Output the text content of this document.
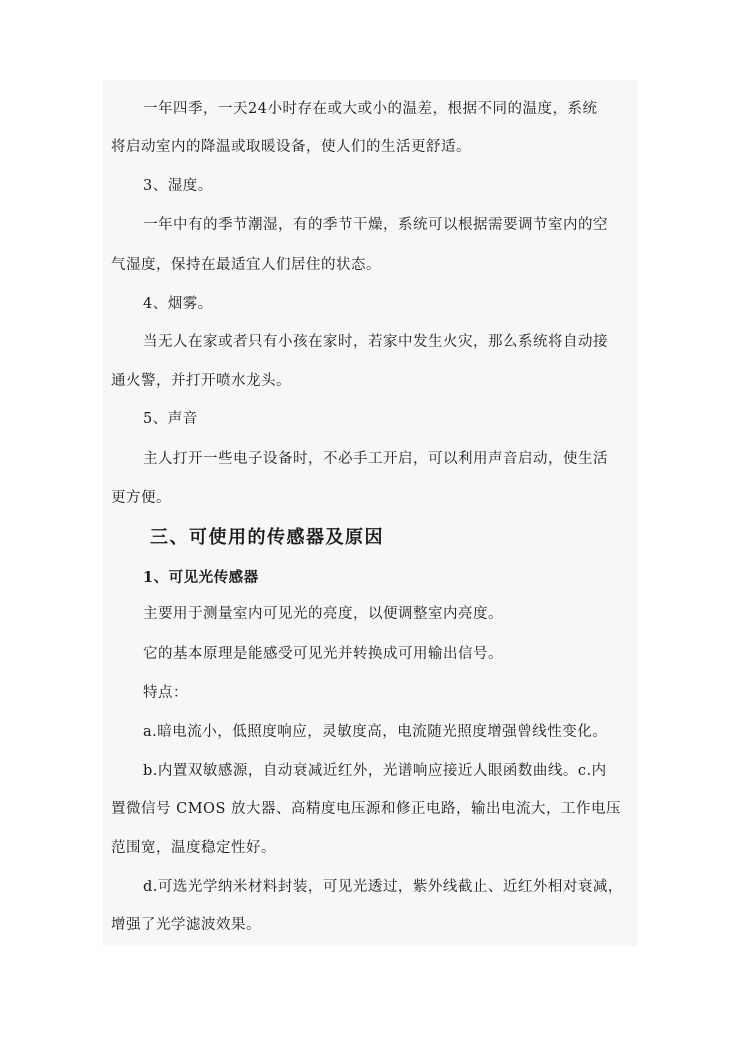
一年四季，一天24小时存在或大或小的温差，根据不同的温度，系统
将启动室内的降温或取暖设备，使人们的生活更舒适。
3、湿度。
一年中有的季节潮湿，有的季节干燥，系统可以根据需要调节室内的空
气湿度，保持在最适宜人们居住的状态。
4、烟雾。
当无人在家或者只有小孩在家时，若家中发生火灾，那么系统将自动接
通火警，并打开喷水龙头。
5、声音
主人打开一些电子设备时，不必手工开启，可以利用声音启动，使生活
更方便。
三、可使用的传感器及原因
1、可见光传感器
主要用于测量室内可见光的亮度，以便调整室内亮度。
它的基本原理是能感受可见光并转换成可用输出信号。
特点：
a.暗电流小，低照度响应，灵敏度高，电流随光照度增强曾线性变化。
b.内置双敏感源，自动衰减近红外，光谱响应接近人眼函数曲线。c.内
置微信号 CMOS 放大器、高精度电压源和修正电路，输出电流大，工作电压
范围宽，温度稳定性好。
d.可选光学纳米材料封装，可见光透过，紫外线截止、近红外相对衰减，
增强了光学滤波效果。
